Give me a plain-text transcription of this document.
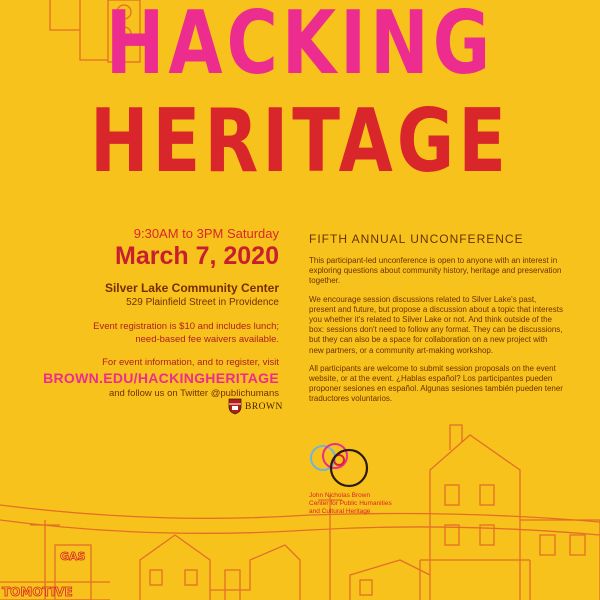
GAS
TOMOTIVE
HACKING
HERITAGE
9:30AM to 3PM Saturday
March 7, 2020
Silver Lake Community Center
529 Plainfield Street in Providence
Event registration is $10 and includes lunch;
need-based fee waivers available.
For event information, and to register, visit
BROWN.EDU/HACKINGHERITAGE
and follow us on Twitter @publichumans
BROWN
FIFTH ANNUAL UNCONFERENCE

This participant-led unconference is open to anyone with an interest in exploring questions about community history, heritage and preservation together.

We encourage session discussions related to Silver Lake's past, present and future, but propose a discussion about a topic that interests you whether it's related to Silver Lake or not. And think outside of the box: sessions don't need to follow any format. They can be discussions, but they can also be a space for collaboration on a new project with new partners, or a community art-making workshop.

All participants are welcome to submit session proposals on the event website, or at the event. ¿Hablas español? Los participantes pueden proponer sesiones en español. Algunas sesiones también pueden tener traductores voluntarios.

John Nicholas Brown
Center for Public Humanities
and Cultural Heritage
